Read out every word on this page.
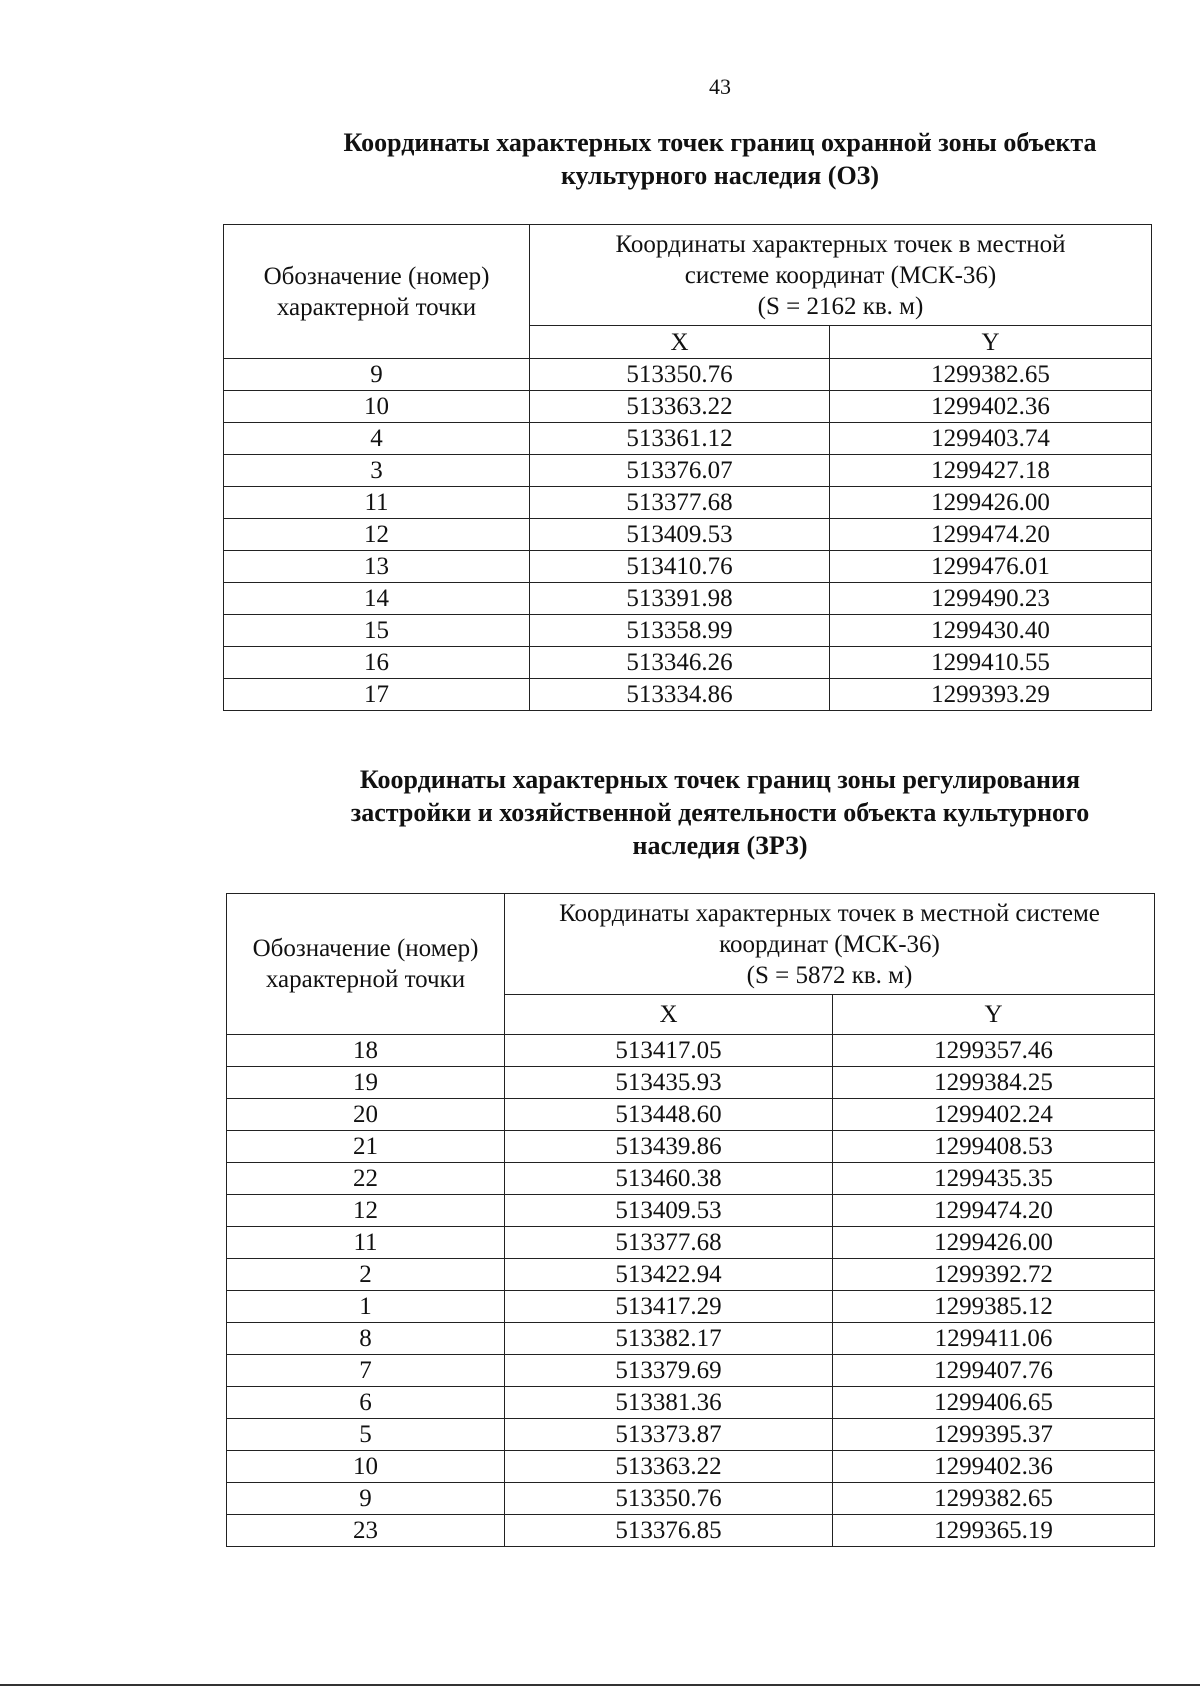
43
Координаты характерных точек границ охранной зоны объекта
культурного наследия (ОЗ)
Обозначение (номер) характерной точки	Координаты характерных точек в местной
системе координат (МСК-36)
(S = 2162 кв. м)	

	X	Y
9	513350.76	1299382.65
10	513363.22	1299402.36
4	513361.12	1299403.74
3	513376.07	1299427.18
11	513377.68	1299426.00
12	513409.53	1299474.20
13	513410.76	1299476.01
14	513391.98	1299490.23
15	513358.99	1299430.40
16	513346.26	1299410.55
17	513334.86	1299393.29
Координаты характерных точек границ зоны регулирования
застройки и хозяйственной деятельности объекта культурного
наследия (ЗРЗ)
Обозначение (номер) характерной точки	Координаты характерных точек в местной системе
координат (МСК-36)
(S = 5872 кв. м)	

	X	Y
18	513417.05	1299357.46
19	513435.93	1299384.25
20	513448.60	1299402.24
21	513439.86	1299408.53
22	513460.38	1299435.35
12	513409.53	1299474.20
11	513377.68	1299426.00
2	513422.94	1299392.72
1	513417.29	1299385.12
8	513382.17	1299411.06
7	513379.69	1299407.76
6	513381.36	1299406.65
5	513373.87	1299395.37
10	513363.22	1299402.36
9	513350.76	1299382.65
23	513376.85	1299365.19
